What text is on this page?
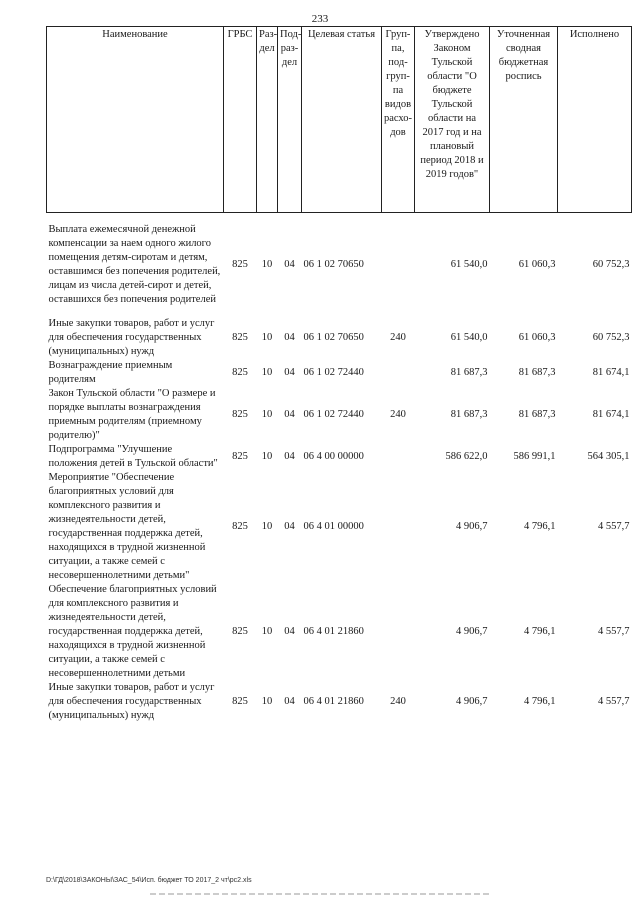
233
Наименование	ГРБС	Раз-дел	Под-раз-дел	Целевая статья	Груп-па, под-груп-па видов расхо-дов	Утверждено Законом Тульской области "О бюджете Тульской области на 2017 год и на плановый период 2018 и 2019 годов"	Уточненная сводная бюджетная роспись	Исполнено

Выплата ежемесячной денежной компенсации за наем одного жилого помещения детям-сиротам и детям, оставшимся без попечения родителей, лицам из числа детей-сирот и детей, оставшихся без попечения родителей	825	10	04	06 1 02 70650		61 540,0	61 060,3	60 752,3

Иные закупки товаров, работ и услуг для обеспечения государственных (муниципальных) нужд	825	10	04	06 1 02 70650	240	61 540,0	61 060,3	60 752,3
Вознаграждение приемным родителям	825	10	04	06 1 02 72440		81 687,3	81 687,3	81 674,1
Закон Тульской области "О размере и порядке выплаты вознаграждения приемным родителям (приемному родителю)"	825	10	04	06 1 02 72440	240	81 687,3	81 687,3	81 674,1
Подпрограмма "Улучшение положения детей в Тульской области"	825	10	04	06 4 00 00000		586 622,0	586 991,1	564 305,1
Мероприятие "Обеспечение благоприятных условий для комплексного развития и жизнедеятельности детей, государственная поддержка детей, находящихся в трудной жизненной ситуации, а также семей с несовершеннолетними детьми"	825	10	04	06 4 01 00000		4 906,7	4 796,1	4 557,7
Обеспечение благоприятных условий для комплексного развития и жизнедеятельности детей, государственная поддержка детей, находящихся в трудной жизненной ситуации, а также семей с несовершеннолетними детьми	825	10	04	06 4 01 21860		4 906,7	4 796,1	4 557,7
Иные закупки товаров, работ и услуг для обеспечения государственных (муниципальных) нужд	825	10	04	06 4 01 21860	240	4 906,7	4 796,1	4 557,7
D:\ГД\2018\ЗАКОНЫ\ЗАС_54\Исп. бюджет ТО 2017_2 чт\рс2.xls
